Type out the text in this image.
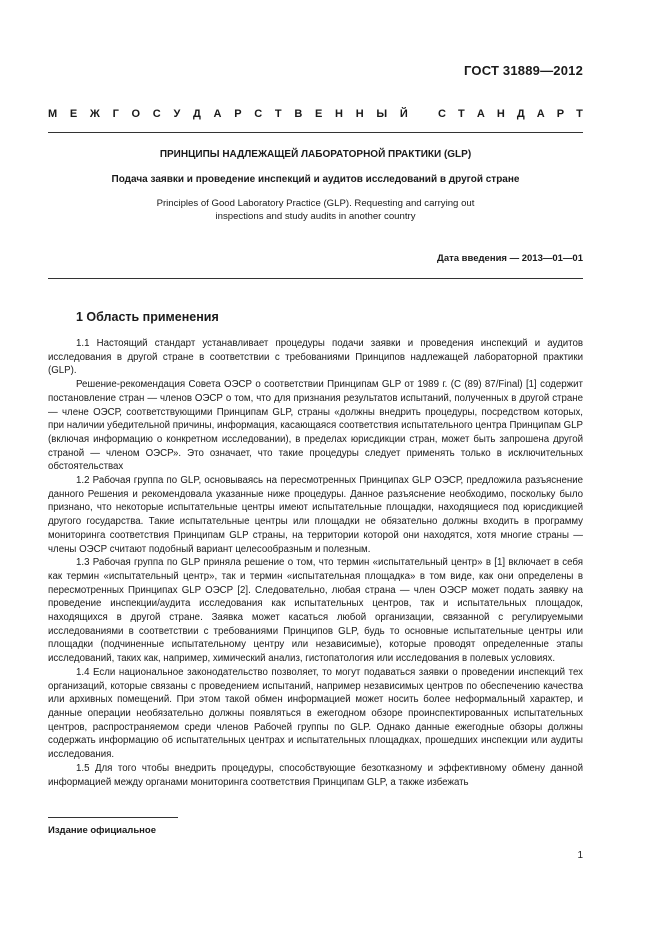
ГОСТ 31889—2012
М Е Ж Г О С У Д А Р С Т В Е Н Н Ы Й	С Т А Н Д А Р Т
ПРИНЦИПЫ НАДЛЕЖАЩЕЙ ЛАБОРАТОРНОЙ ПРАКТИКИ (GLP)
Подача заявки и проведение инспекций и аудитов исследований в другой стране
Principles of Good Laboratory Practice (GLP). Requesting and carrying out inspections and study audits in another country
Дата введения — 2013—01—01
1 Область применения

1.1 Настоящий стандарт устанавливает процедуры подачи заявки и проведения инспекций и аудитов исследования в другой стране в соответствии с требованиями Принципов надлежащей лабораторной практики (GLP).

Решение-рекомендация Совета ОЭСР о соответствии Принципам GLP от 1989 г. (С (89) 87/Final) [1] содержит постановление стран — членов ОЭСР о том, что для признания результатов испытаний, полученных в другой стране — члене ОЭСР, соответствующими Принципам GLP, страны «должны внедрить процедуры, посредством которых, при наличии убедительной причины, информация, касающаяся соответствия испытательного центра Принципам GLP (включая информацию о конкретном исследовании), в пределах юрисдикции стран, может быть запрошена другой страной — членом ОЭСР». Это означает, что такие процедуры следует применять только в исключительных обстоятельствах

1.2 Рабочая группа по GLP, основываясь на пересмотренных Принципах GLP ОЭСР, предложила разъяснение данного Решения и рекомендовала указанные ниже процедуры. Данное разъяснение необходимо, поскольку было признано, что некоторые испытательные центры имеют испытательные площадки, находящиеся под юрисдикцией другого государства. Такие испытательные центры или площадки не обязательно должны входить в программу мониторинга соответствия Принципам GLP страны, на территории которой они находятся, хотя многие страны — члены ОЭСР считают подобный вариант целесообразным и полезным.

1.3 Рабочая группа по GLP приняла решение о том, что термин «испытательный центр» в [1] включает в себя как термин «испытательный центр», так и термин «испытательная площадка» в том виде, как они определены в пересмотренных Принципах GLP ОЭСР [2]. Следовательно, любая страна — член ОЭСР может подать заявку на проведение инспекции/аудита исследования как испытательных центров, так и испытательных площадок, находящихся в другой стране. Заявка может касаться любой организации, связанной с регулируемыми исследованиями в соответствии с требованиями Принципов GLP, будь то основные испытательные центры или площадки (подчиненные испытательному центру или независимые), которые проводят определенные этапы исследований, таких как, например, химический анализ, гистопатология или исследования в полевых условиях.

1.4 Если национальное законодательство позволяет, то могут подаваться заявки о проведении инспекций тех организаций, которые связаны с проведением испытаний, например независимых центров по обеспечению качества или архивных помещений. При этом такой обмен информацией может носить более неформальный характер, и данные операции необязательно должны появляться в ежегодном обзоре проинспектированных испытательных центров, распространяемом среди членов Рабочей группы по GLP. Однако данные ежегодные обзоры должны содержать информацию об испытательных центрах и испытательных площадках, прошедших инспекции или аудиты исследования.

1.5 Для того чтобы внедрить процедуры, способствующие безотказному и эффективному обмену данной информацией между органами мониторинга соответствия Принципам GLP, а также избежать

Издание официальное
1
